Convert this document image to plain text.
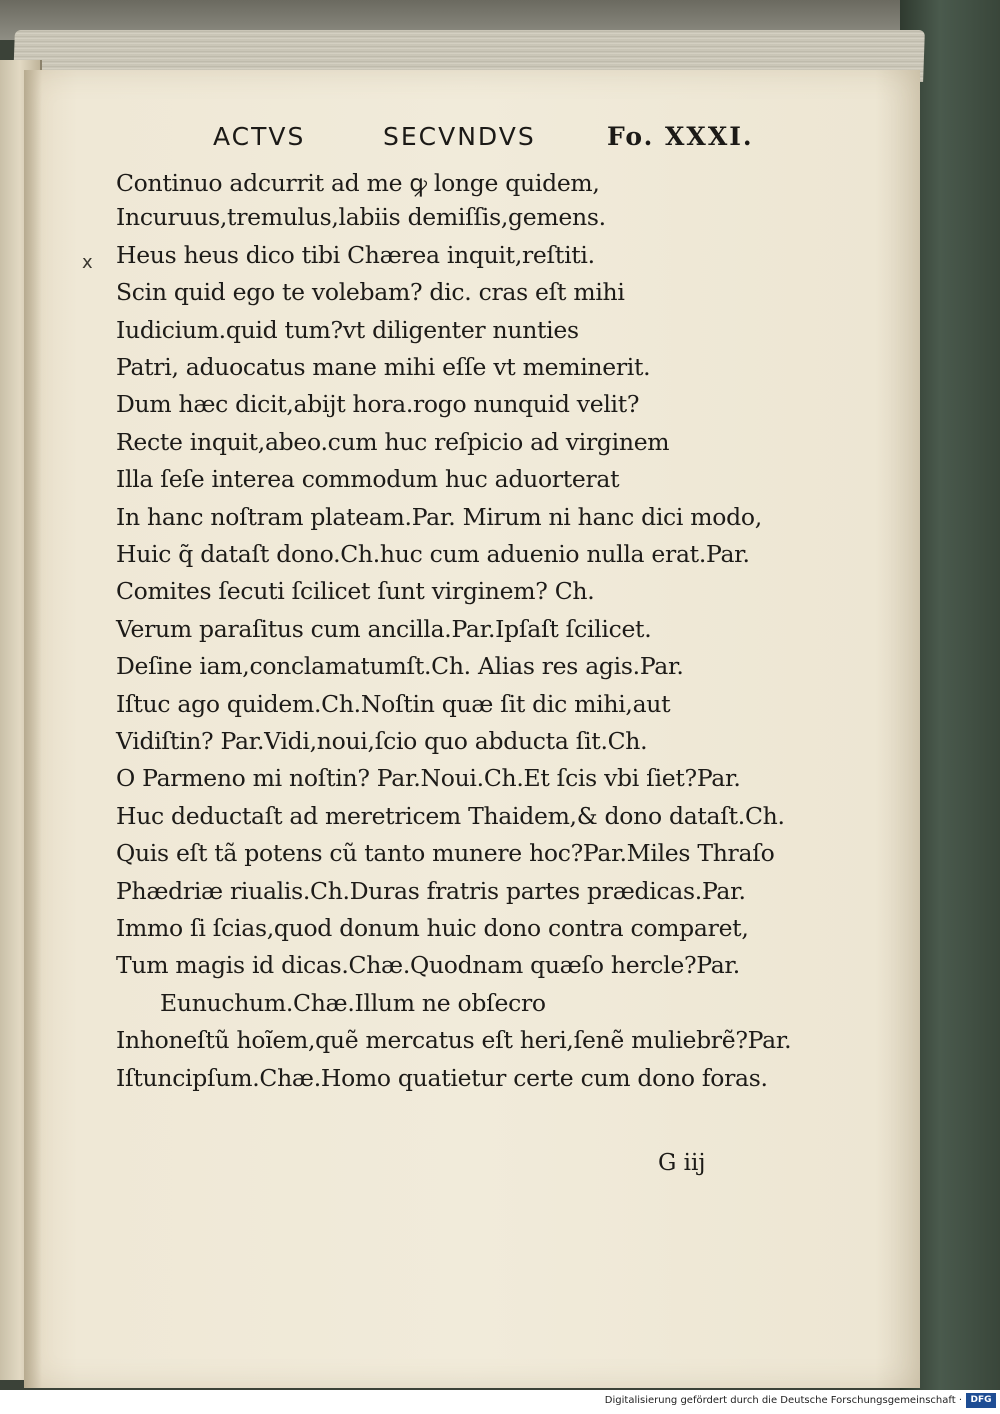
ACTVS	SECVNDVS	Fo. XXXI.
x
Continuo adcurrit ad me ꝙ longe quidem,
Incuruus,tremulus,labiis demiſſis,gemens.
Heus heus dico tibi Chærea inquit,reſtiti.
Scin quid ego te volebam? dic. cras eſt mihi
Iudicium.quid tum?vt diligenter nunties
Patri, aduocatus mane mihi eſſe vt meminerit.
Dum hæc dicit,abijt hora.rogo nunquid velit?
Recte inquit,abeo.cum huc reſpicio ad virginem
Illa ſeſe interea commodum huc aduorterat
In hanc noſtram plateam.Par. Mirum ni hanc dici modo,
Huic q̃ dataſt dono.Ch.huc cum aduenio nulla erat.Par.
Comites ſecuti ſcilicet ſunt virginem? Ch.
Verum paraſitus cum ancilla.Par.Ipſaſt ſcilicet.
Deſine iam,conclamatumſt.Ch. Alias res agis.Par.
Iſtuc ago quidem.Ch.Noſtin quæ ſit dic mihi,aut
Vidiſtin? Par.Vidi,noui,ſcio quo abducta ſit.Ch.
O Parmeno mi noſtin? Par.Noui.Ch.Et ſcis vbi ſiet?Par.
Huc deductaſt ad meretricem Thaidem,& dono dataſt.Ch.
Quis eſt tã potens cũ tanto munere hoc?Par.Miles Thraſo
Phædriæ riualis.Ch.Duras fratris partes prædicas.Par.
Immo ſi ſcias,quod donum huic dono contra comparet,
Tum magis id dicas.Chæ.Quodnam quæſo hercle?Par.
Eunuchum.Chæ.Illum ne obſecro
Inhoneſtũ hoĩem,quẽ mercatus eſt heri,ſenẽ muliebrẽ?Par.
Iſtuncipſum.Chæ.Homo quatietur certe cum dono foras.
G iij
Digitalisierung gefördert durch die Deutsche Forschungsgemeinschaft · DFG
